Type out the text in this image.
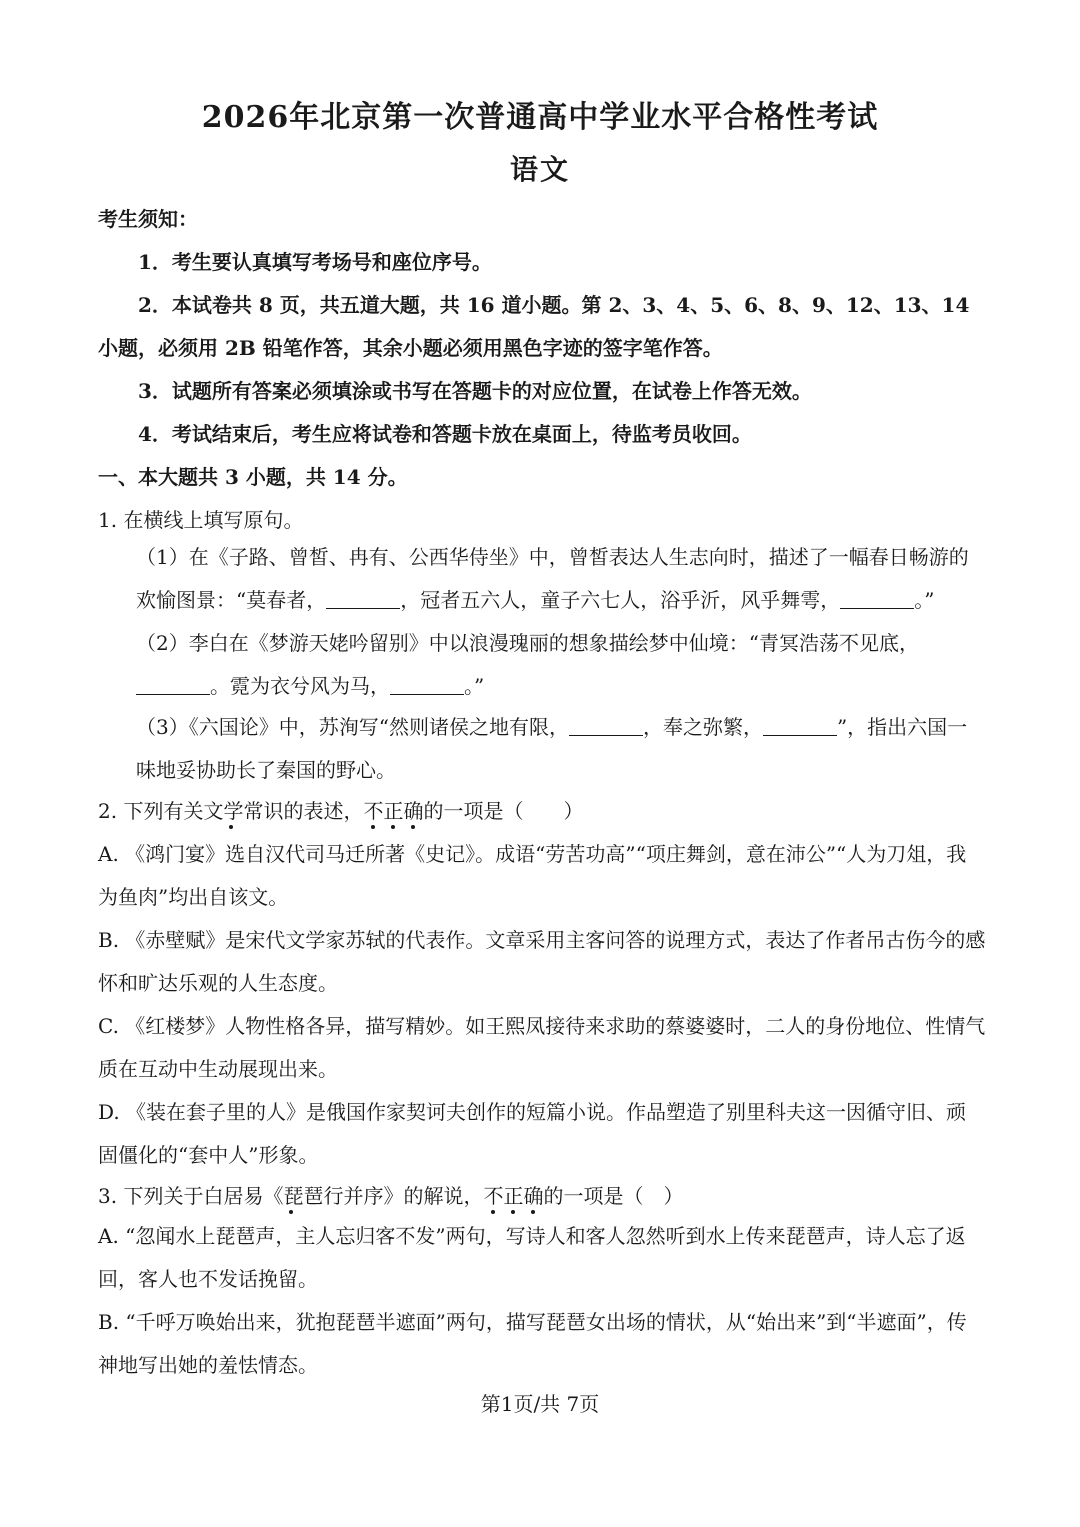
2026年北京第一次普通高中学业水平合格性考试
语文
考生须知：
1．考生要认真填写考场号和座位序号。
2．本试卷共 8 页，共五道大题，共 16 道小题。第 2、3、4、5、6、8、9、12、13、14 小题，必须用 2B 铅笔作答，其余小题必须用黑色字迹的签字笔作答。
3．试题所有答案必须填涂或书写在答题卡的对应位置，在试卷上作答无效。
4．考试结束后，考生应将试卷和答题卡放在桌面上，待监考员收回。
一、本大题共 3 小题，共 14 分。
1. 在横线上填写原句。
（1）在《子路、曾皙、冉有、公西华侍坐》中，曾皙表达人生志向时，描述了一幅春日畅游的欢愉图景：“莫春者，	，冠者五六人，童子六七人，浴乎沂，风乎舞雩，	。”
（2）李白在《梦游天姥吟留别》中以浪漫瑰丽的想象描绘梦中仙境：“青冥浩荡不见底，。霓为衣兮风为马，	。”
（3）《六国论》中，苏洵写“然则诸侯之地有限，	，奉之弥繁，	”，指出六国一味地妥协助长了秦国的野心。
2. 下列有关文学常识的表述，不正确的一项是（　　）
A. 《鸿门宴》选自汉代司马迁所著《史记》。成语“劳苦功高”“项庄舞剑，意在沛公”“人为刀俎，我为鱼肉”均出自该文。
B. 《赤壁赋》是宋代文学家苏轼的代表作。文章采用主客问答的说理方式，表达了作者吊古伤今的感怀和旷达乐观的人生态度。
C. 《红楼梦》人物性格各异，描写精妙。如王熙凤接待来求助的蔡婆婆时，二人的身份地位、性情气质在互动中生动展现出来。
D. 《装在套子里的人》是俄国作家契诃夫创作的短篇小说。作品塑造了别里科夫这一因循守旧、顽固僵化的“套中人”形象。
3. 下列关于白居易《琵琶行并序》的解说，不正确的一项是（　）
A. “忽闻水上琵琶声，主人忘归客不发”两句，写诗人和客人忽然听到水上传来琵琶声，诗人忘了返回，客人也不发话挽留。
B. “千呼万唤始出来，犹抱琵琶半遮面”两句，描写琵琶女出场的情状，从“始出来”到“半遮面”，传神地写出她的羞怯情态。
第1页/共 7页
